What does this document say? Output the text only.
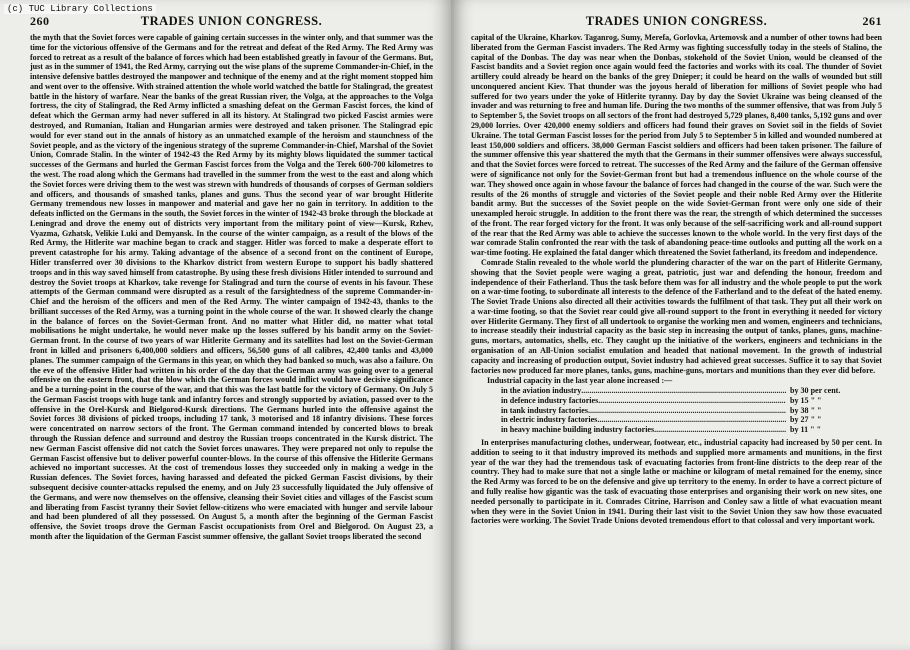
(c) TUC Library Collections
260	TRADES UNION CONGRESS.

the myth that the Soviet forces were capable of gaining certain successes in the winter only, and that summer was the time for the victorious offensive of the Germans and for the retreat and defeat of the Red Army. The Red Army was forced to retreat as a result of the balance of forces which had been established greatly in favour of the Germans. But, just as in the summer of 1941, the Red Army, carrying out the wise plans of the supreme Commander-in-Chief, in the intensive defensive battles destroyed the manpower and technique of the enemy and at the right moment stopped him and went over to the offensive. With strained attention the whole world watched the battle for Stalingrad, the greatest battle in the history of warfare. Near the banks of the great Russian river, the Volga, at the approaches to the Volga fortress, the city of Stalingrad, the Red Army inflicted a smashing defeat on the German Fascist forces, the kind of defeat which the German army had never suffered in all its history. At Stalingrad two picked Fascist armies were destroyed, and Rumanian, Italian and Hungarian armies were destroyed and taken prisoner. The Stalingrad epic would for ever stand out in the annals of history as an unmatched example of the heroism and staunchness of the Soviet people, and as the victory of the ingenious strategy of the supreme Commander-in-Chief, Marshal of the Soviet Union, Comrade Stalin. In the winter of 1942-43 the Red Army by its mighty blows liquidated the summer tactical successes of the Germans and hurled the German Fascist forces from the Volga and the Terek 600-700 kilometres to the west. The road along which the Germans had travelled in the summer from the west to the east and along which the Soviet forces were driving them to the west was strewn with hundreds of thousands of corpses of German soldiers and officers, and thousands of smashed tanks, planes and guns. Thus the second year of war brought Hitlerite Germany tremendous new losses in manpower and material and gave her no gain in territory. In addition to the defeats inflicted on the Germans in the south, the Soviet forces in the winter of 1942-43 broke through the blockade at Leningrad and drove the enemy out of districts very important from the military point of view—Kursk, Rzhev, Vyazma, Gzhatsk, Velikie Luki and Demyansk. In the course of the winter campaign, as a result of the blows of the Red Army, the Hitlerite war machine began to crack and stagger. Hitler was forced to make a desperate effort to prevent catastrophe for his army. Taking advantage of the absence of a second front on the continent of Europe, Hitler transferred over 30 divisions to the Kharkov district from western Europe to support his badly shattered troops and in this way saved himself from catastrophe. By using these fresh divisions Hitler intended to surround and destroy the Soviet troops at Kharkov, take revenge for Stalingrad and turn the course of events in his favour. These attempts of the German command were disrupted as a result of the farsightedness of the supreme Commander-in-Chief and the heroism of the officers and men of the Red Army. The winter campaign of 1942-43, thanks to the brilliant successes of the Red Army, was a turning point in the whole course of the war. It showed clearly the change in the balance of forces on the Soviet-German front. And no matter what Hitler did, no matter what total mobilisations he might undertake, he would never make up the losses suffered by his bandit army on the Soviet-German front. In the course of two years of war Hitlerite Germany and its satellites had lost on the Soviet-German front in killed and prisoners 6,400,000 soldiers and officers, 56,500 guns of all calibres, 42,400 tanks and 43,000 planes. The summer campaign of the Germans in this year, on which they had banked so much, was also a failure. On the eve of the offensive Hitler had written in his order of the day that the German army was going over to a general offensive on the eastern front, that the blow which the German forces would inflict would have decisive significance and be a turning-point in the course of the war, and that this was the last battle for the victory of Germany. On July 5 the German Fascist troops with huge tank and infantry forces and strongly supported by aviation, passed over to the offensive in the Orel-Kursk and Bielgorod-Kursk directions. The Germans hurled into the offensive against the Soviet forces 38 divisions of picked troops, including 17 tank, 3 motorised and 18 infantry divisions. These forces were concentrated on narrow sectors of the front. The German command intended by concerted blows to break through the Russian defence and surround and destroy the Russian troops concentrated in the Kursk district. The new German Fascist offensive did not catch the Soviet forces unawares. They were prepared not only to repulse the German Fascist offensive but to deliver powerful counter-blows. In the course of this offensive the Hitlerite Germans achieved no important successes. At the cost of tremendous losses they succeeded only in making a wedge in the Russian defences. The Soviet forces, having harassed and defeated the picked German Fascist divisions, by their subsequent decisive counter-attacks repulsed the enemy, and on July 23 successfully liquidated the July offensive of the Germans, and were now themselves on the offensive, cleansing their Soviet cities and villages of the Fascist scum and liberating from Fascist tyranny their Soviet fellow-citizens who were emaciated with hunger and servile labour and had been plundered of all they possessed. On August 5, a month after the beginning of the German Fascist offensive, the Soviet troops drove the German Fascist occupationists from Orel and Bielgorod. On August 23, a month after the liquidation of the German Fascist summer offensive, the gallant Soviet troops liberated the second

TRADES UNION CONGRESS.	261

capital of the Ukraine, Kharkov. Taganrog, Sumy, Merefa, Gorlovka, Artemovsk and a number of other towns had been liberated from the German Fascist invaders. The Red Army was fighting successfully today in the steels of Stalino, the capital of the Donbas. The day was near when the Donbas, stokehold of the Soviet Union, would be cleansed of the Fascist bandits and a Soviet region once again would feed the factories and works with its coal. The thunder of Soviet artillery could already be heard on the banks of the grey Dnieper; it could be heard on the walls of wounded but still unconquered ancient Kiev. That thunder was the joyous herald of liberation for millions of Soviet people who had suffered for two years under the yoke of Hitlerite tyranny. Day by day the Soviet Ukraine was being cleansed of the invader and was returning to free and human life. During the two months of the summer offensive, that was from July 5 to September 5, the Soviet troops on all sectors of the front had destroyed 5,729 planes, 8,400 tanks, 5,192 guns and over 29,000 lorries. Over 420,000 enemy soldiers and officers had found their graves on Soviet soil in the fields of Soviet Ukraine. The total German Fascist losses for the period from July 5 to September 5 in killed and wounded numbered at least 150,000 soldiers and officers. 38,000 German Fascist soldiers and officers had been taken prisoner. The failure of the summer offensive this year shattered the myth that the Germans in their summer offensives were always successful, and that the Soviet forces were forced to retreat. The successes of the Red Army and the failure of the German offensive were of significance not only for the Soviet-German front but had a tremendous influence on the whole course of the war. They showed once again in whose favour the balance of forces had changed in the course of the war. Such were the results of the 26 months of struggle and victories of the Soviet people and their noble Red Army over the Hitlerite bandit army. But the successes of the Soviet people on the wide Soviet-German front were only one side of their unexampled heroic struggle. In addition to the front there was the rear, the strength of which determined the successes of the front. The rear forged victory for the front. It was only because of the self-sacrificing work and all-round support of the rear that the Red Army was able to achieve the successes known to the whole world. In the very first days of the war comrade Stalin confronted the rear with the task of abandoning peace-time outlooks and putting all the work on a war-time footing. He explained the fatal danger which threatened the Soviet fatherland, its freedom and independence.

Comrade Stalin revealed to the whole world the plundering character of the war on the part of Hitlerite Germany, showing that the Soviet people were waging a great, patriotic, just war and defending the honour, freedom and independence of their Fatherland. Thus the task before them was for all industry and the whole people to put the work on a war-time footing, to subordinate all interests to the defence of the Fatherland and to the defeat of the hated enemy. The Soviet Trade Unions also directed all their activities towards the fulfilment of that task. They put all their work on a war-time footing, so that the Soviet rear could give all-round support to the front in everything it needed for victory over Hitlerite Germany. They first of all undertook to organise the working men and women, engineers and technicians, to increase steadily their industrial capacity as the basic step in increasing the output of tanks, planes, guns, machine-guns, mortars, automatics, shells, etc. They caught up the initiative of the workers, engineers and technicians in the organisation of an All-Union socialist emulation and headed that national movement. In the growth of industrial capacity and increasing of production output, Soviet industry had achieved great successes. Suffice it to say that Soviet factories now produced far more planes, tanks, guns, machine-guns, mortars and munitions than they ever did before.

Industrial capacity in the last year alone increased :—
in the aviation industry .....	by 30 per cent.
in defence industry factories .....	by 15 " "
in tank industry factories .....	by 38 " "
in electric industry factories .....	by 27 " "
in heavy machine building industry factories .....	by 11 " "

In enterprises manufacturing clothes, underwear, footwear, etc., industrial capacity had increased by 50 per cent. In addition to seeing to it that industry improved its methods and supplied more armaments and munitions, in the first year of the war they had the tremendous task of evacuating factories from front-line districts to the deep rear of the country. They had to make sure that not a single lathe or machine or kilogram of metal remained for the enemy, since the Red Army was forced to be on the defensive and give up territory to the enemy. In order to have a correct picture of and fully realise how gigantic was the task of evacuating those enterprises and organising their work on new sites, one needed personally to participate in it. Comrades Citrine, Harrison and Conley saw a little of what evacuation meant when they were in the Soviet Union in 1941. During their last visit to the Soviet Union they saw how those evacuated factories were working. The Soviet Trade Unions devoted tremendous effort to that colossal and very important work.
